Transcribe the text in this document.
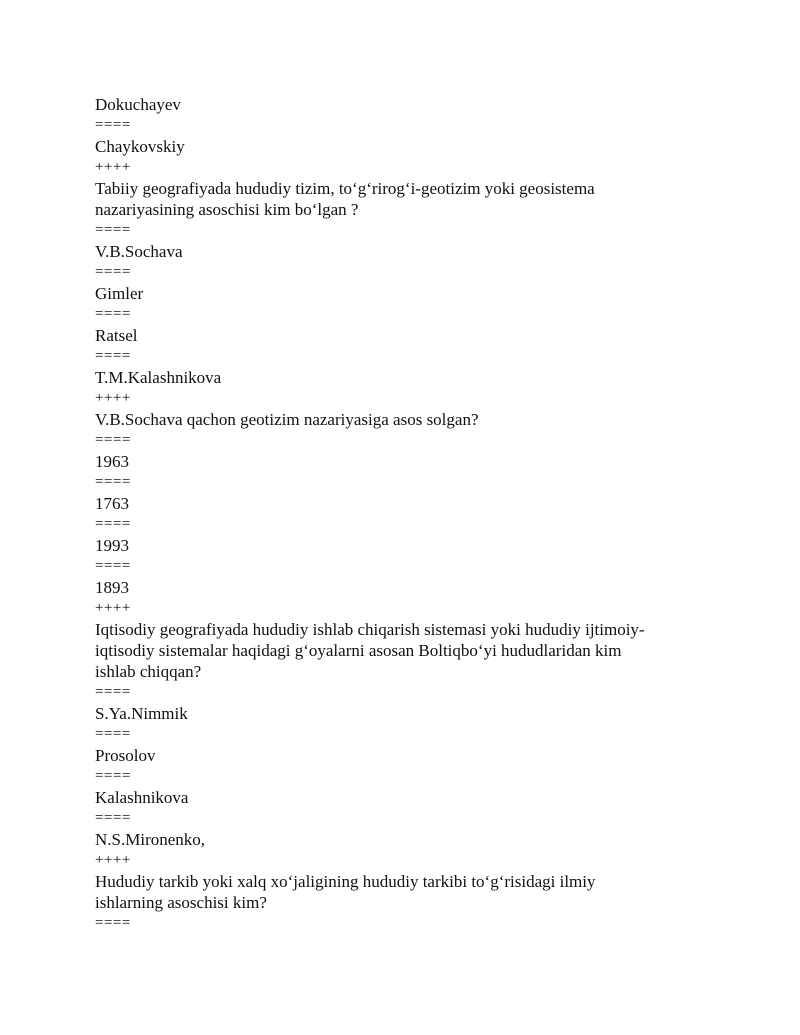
Dokuchayev
====
Chaykovskiy
++++
Tabiiy geografiyada hududiy tizim, to‘g‘rirog‘i-geotizim yoki geosistema
nazariyasining asoschisi kim bo‘lgan ?
====
V.B.Sochava
====
Gimler
====
Ratsel
====
T.M.Kalashnikova
++++
V.B.Sochava qachon geotizim nazariyasiga asos solgan?
====
1963
====
1763
====
1993
====
1893
++++
Iqtisodiy geografiyada hududiy ishlab chiqarish sistemasi yoki hududiy ijtimoiy-
iqtisodiy sistemalar haqidagi g‘oyalarni asosan Boltiqbo‘yi hududlaridan kim
ishlab chiqqan?
====
S.Ya.Nimmik
====
Prosolov
====
Kalashnikova
====
N.S.Mironenko,
++++
Hududiy tarkib yoki xalq xo‘jaligining hududiy tarkibi to‘g‘risidagi ilmiy
ishlarning asoschisi kim?
====
